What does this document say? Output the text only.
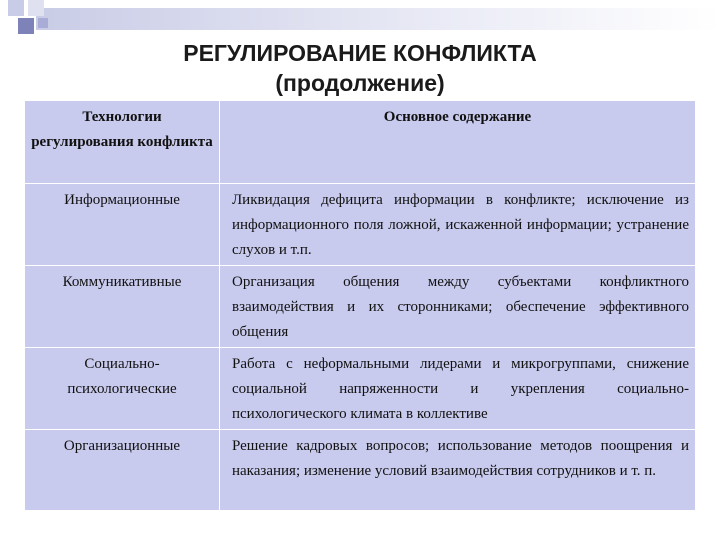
РЕГУЛИРОВАНИЕ КОНФЛИКТА
(продолжение)
Технологии регулирования конфликта	Основное содержание
Информационные	Ликвидация дефицита информации в конфликте; исключение из информационного поля ложной, искаженной информации; устранение слухов и т.п.
Коммуникативные	Организация общения между субъектами конфликтного взаимодействия и их сторонниками; обеспечение эффективного общения
Социально-психологические	Работа с неформальными лидерами и микрогруппами, снижение социальной напряженности и укрепления социально-психологического климата в коллективе
Организационные	Решение кадровых вопросов; использование методов поощрения и наказания; изменение условий взаимодействия сотрудников и т. п.
